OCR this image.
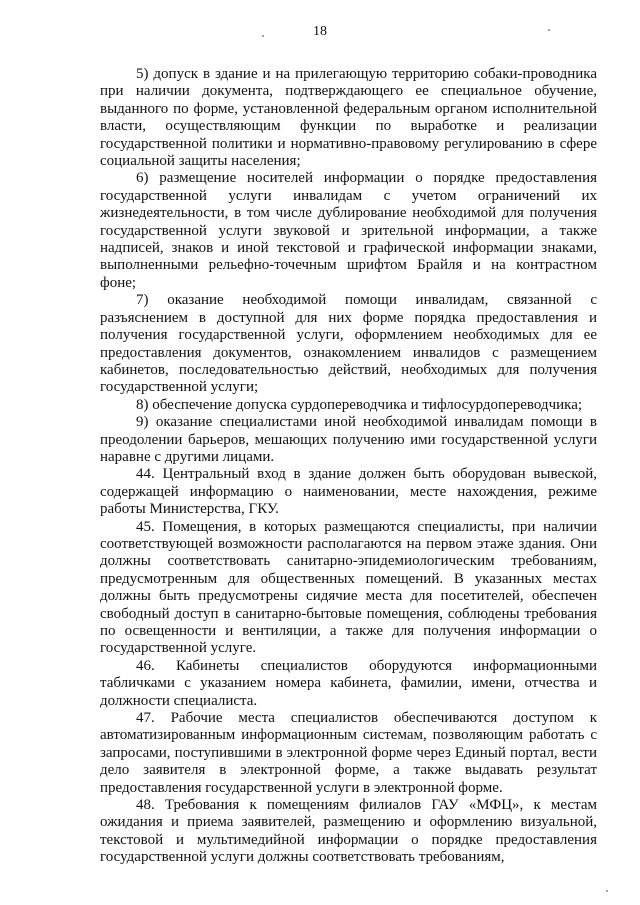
18

5) допуск в здание и на прилегающую территорию собаки-проводника при наличии документа, подтверждающего ее специальное обучение, выданного по форме, установленной федеральным органом исполнительной власти, осуществляющим функции по выработке и реализации государственной политики и нормативно-правовому регулированию в сфере социальной защиты населения;

6) размещение носителей информации о порядке предоставления государственной услуги инвалидам с учетом ограничений их жизнедеятельности, в том числе дублирование необходимой для получения государственной услуги звуковой и зрительной информации, а также надписей, знаков и иной текстовой и графической информации знаками, выполненными рельефно-точечным шрифтом Брайля и на контрастном фоне;

7) оказание необходимой помощи инвалидам, связанной с разъяснением в доступной для них форме порядка предоставления и получения государственной услуги, оформлением необходимых для ее предоставления документов, ознакомлением инвалидов с размещением кабинетов, последовательностью действий, необходимых для получения государственной услуги;

8) обеспечение допуска сурдопереводчика и тифлосурдопереводчика;

9) оказание специалистами иной необходимой инвалидам помощи в преодолении барьеров, мешающих получению ими государственной услуги наравне с другими лицами.

44. Центральный вход в здание должен быть оборудован вывеской, содержащей информацию о наименовании, месте нахождения, режиме работы Министерства, ГКУ.

45. Помещения, в которых размещаются специалисты, при наличии соответствующей возможности располагаются на первом этаже здания. Они должны соответствовать санитарно-эпидемиологическим требованиям, предусмотренным для общественных помещений. В указанных местах должны быть предусмотрены сидячие места для посетителей, обеспечен свободный доступ в санитарно-бытовые помещения, соблюдены требования по освещенности и вентиляции, а также для получения информации о государственной услуге.

46. Кабинеты специалистов оборудуются информационными табличками с указанием номера кабинета, фамилии, имени, отчества и должности специалиста.

47. Рабочие места специалистов обеспечиваются доступом к автоматизированным информационным системам, позволяющим работать с запросами, поступившими в электронной форме через Единый портал, вести дело заявителя в электронной форме, а также выдавать результат предоставления государственной услуги в электронной форме.

48. Требования к помещениям филиалов ГАУ «МФЦ», к местам ожидания и приема заявителей, размещению и оформлению визуальной, текстовой и мультимедийной информации о порядке предоставления государственной услуги должны соответствовать требованиям,
